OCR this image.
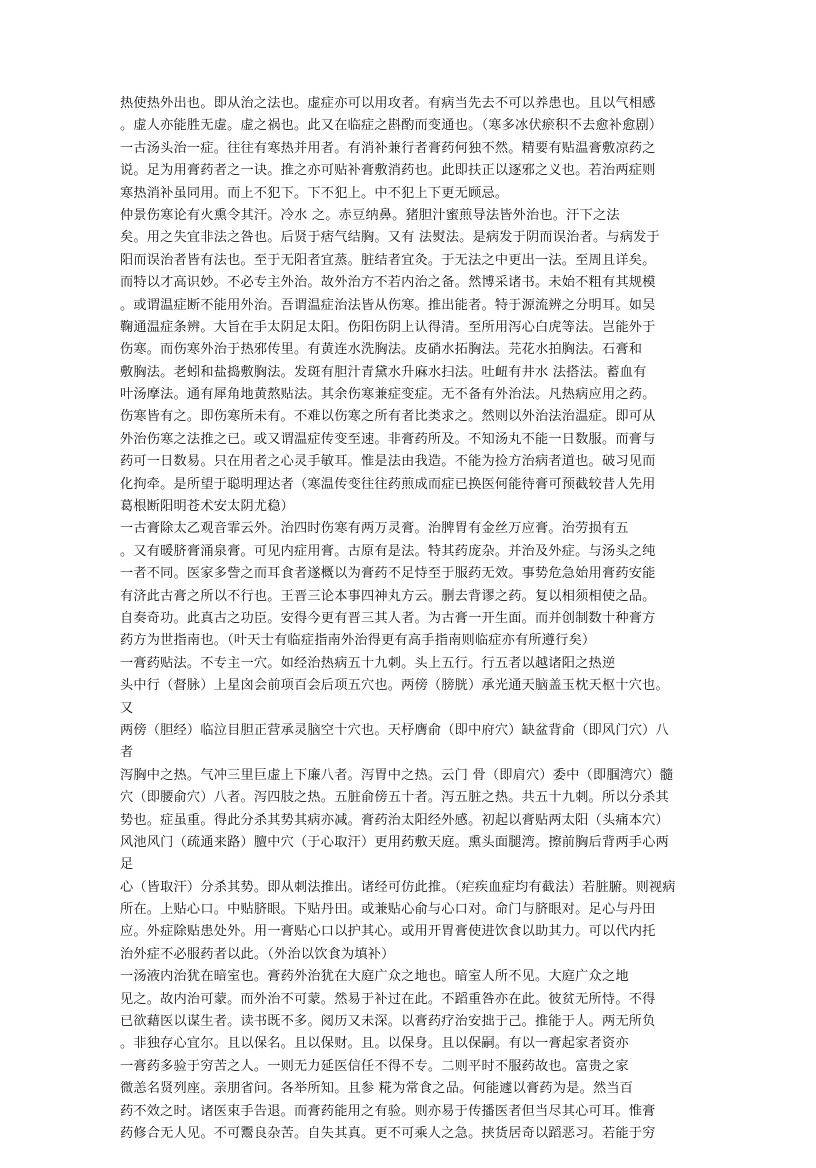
热使热外出也。即从治之法也。虚症亦可以用攻者。有病当先去不可以养患也。且以气相感
。虚人亦能胜无虚。虚之祸也。此又在临症之斟酌而变通也。（寒多冰伏瘀积不去愈补愈剧）
一古汤头治一症。往往有寒热并用者。有消补兼行者膏药何独不然。精要有贴温膏敷凉药之
说。足为用膏药者之一诀。推之亦可贴补膏敷消药也。此即扶正以逐邪之义也。若治两症则
寒热消补虽同用。而上不犯下。下不犯上。中不犯上下更无顾忌。
仲景伤寒论有火熏令其汗。冷水 之。赤豆纳鼻。猪胆汁蜜煎导法皆外治也。汗下之法
矣。用之失宜非法之咎也。后贤于痞气结胸。又有 法熨法。是病发于阴而误治者。与病发于
阳而误治者皆有法也。至于无阳者宜蒸。脏结者宜灸。于无法之中更出一法。至周且详矣。
而特以才高识妙。不必专主外治。故外治方不若内治之备。然博采诸书。未始不粗有其规模
。或谓温症断不能用外治。吾谓温症治法皆从伤寒。推出能者。特于源流辨之分明耳。如吴
鞠通温症条辨。大旨在手太阴足太阳。伤阳伤阴上认得清。至所用泻心白虎等法。岂能外于
伤寒。而伤寒外治于热邪传里。有黄连水洗胸法。皮硝水拓胸法。芫花水拍胸法。石膏和
敷胸法。老蚓和盐捣敷胸法。发斑有胆汁青黛水升麻水扫法。吐衄有井水 法搭法。蓄血有
叶汤摩法。通有犀角地黄熬贴法。其余伤寒兼症变症。无不备有外治法。凡热病应用之药。
伤寒皆有之。即伤寒所未有。不难以伤寒之所有者比类求之。然则以外治法治温症。即可从
外治伤寒之法推之已。或又谓温症传变至速。非膏药所及。不知汤丸不能一日数服。而膏与
药可一日数易。只在用者之心灵手敏耳。惟是法由我造。不能为捡方治病者道也。破习见而
化拘牵。是所望于聪明理达者（寒温传变往往药煎成而症已换医何能待膏可预截较昔人先用
葛根断阳明苍术安太阴尤稳）
一古膏除太乙观音霏云外。治四时伤寒有两万灵膏。治脾胃有金丝万应膏。治劳损有五
。又有暖脐膏涌泉膏。可见内症用膏。古原有是法。特其药庞杂。并治及外症。与汤头之纯
一者不同。医家多訾之而耳食者遂概以为膏药不足恃至于服药无效。事势危急始用膏药安能
有济此古膏之所以不行也。王晋三论本事四神丸方云。删去背谬之药。复以相须相使之品。
自奏奇功。此真古之功臣。安得今更有晋三其人者。为古膏一开生面。而并创制数十种膏方
药方为世指南也。（叶天士有临症指南外治得更有高手指南则临症亦有所遵行矣）
一膏药贴法。不专主一穴。如经治热病五十九刺。头上五行。行五者以越诸阳之热逆
头中行（督脉）上星囟会前项百会后项五穴也。两傍（膀胱）承光通天脑盖玉枕天枢十穴也。
又
两傍（胆经）临泣目胆正营承灵脑空十穴也。天杼膺俞（即中府穴）缺盆背俞（即风门穴）八
者
泻胸中之热。气冲三里巨虚上下廉八者。泻胃中之热。云门 骨（即肩穴）委中（即腘湾穴）髓
穴（即腰俞穴）八者。泻四肢之热。五脏俞傍五十者。泻五脏之热。共五十九刺。所以分杀其
势也。症虽重。得此分杀其势其病亦减。膏药治太阳经外感。初起以膏贴两太阳（头痛本穴）
风池风门（疏通来路）膻中穴（于心取汗）更用药敷天庭。熏头面腿湾。擦前胸后背两手心两
足
心（皆取汗）分杀其势。即从刺法推出。诸经可仿此推。（疟疾血症均有截法）若脏腑。则视病
所在。上贴心口。中贴脐眼。下贴丹田。或兼贴心俞与心口对。命门与脐眼对。足心与丹田
应。外症除贴患处外。用一膏贴心口以护其心。或用开胃膏使进饮食以助其力。可以代内托
治外症不必服药者以此。（外治以饮食为填补）
一汤液内治犹在暗室也。膏药外治犹在大庭广众之地也。暗室人所不见。大庭广众之地
见之。故内治可蒙。而外治不可蒙。然易于补过在此。不蹈重咎亦在此。彼贫无所恃。不得
已欲藉医以谋生者。读书既不多。阅历又未深。以膏药疗治安拙于己。推能于人。两无所负
。非独存心宜尔。且以保名。且以保财。且。以保身。且以保嗣。有以一膏起家者资亦
一膏药多验于穷苦之人。一则无力延医信任不得不专。二则平时不服药故也。富贵之家
微恙名贤列座。亲朋省问。各举所知。且参 糀为常食之品。何能遽以膏药为是。然当百
药不效之时。诸医束手告退。而膏药能用之有验。则亦易于传播医者但当尽其心可耳。惟膏
药修合无人见。不可鬻良杂苦。自失其真。更不可乘人之急。挟货居奇以蹈恶习。若能于穷
